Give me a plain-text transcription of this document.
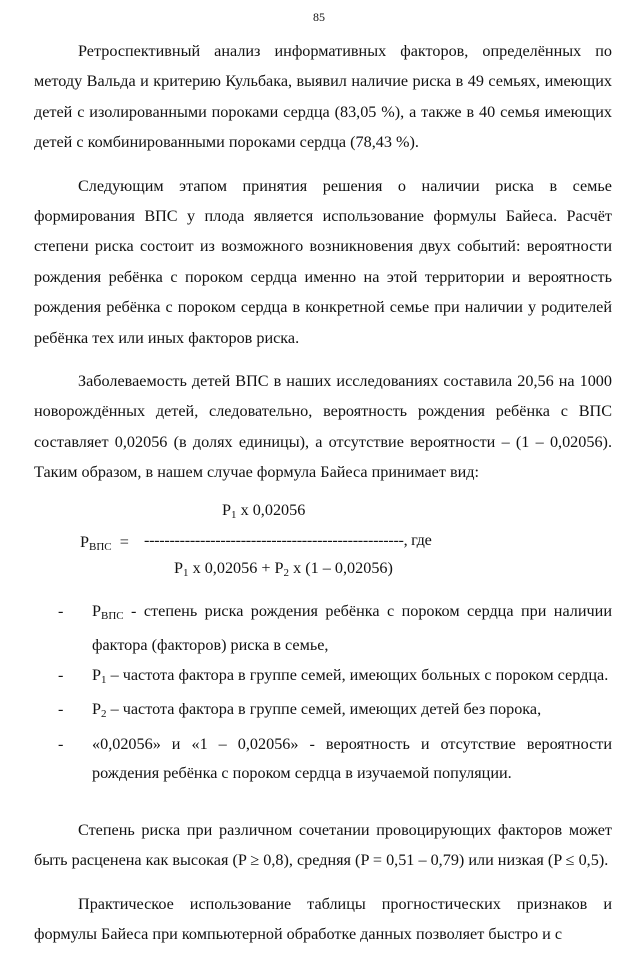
85

Ретроспективный анализ информативных факторов, определённых по методу Вальда и критерию Кульбака, выявил наличие риска в 49 семьях, имеющих детей с изолированными пороками сердца (83,05 %), а также в 40 семья имеющих детей с комбинированными пороками сердца (78,43 %).

Следующим этапом принятия решения о наличии риска в семье формирования ВПС у плода является использование формулы Байеса. Расчёт степени риска состоит из возможного возникновения двух событий: вероятности рождения ребёнка с пороком сердца именно на этой территории и вероятность рождения ребёнка с пороком сердца в конкретной семье при наличии у родителей ребёнка тех или иных факторов риска.

Заболеваемость детей ВПС в наших исследованиях составила 20,56 на 1000 новорождённых детей, следовательно, вероятность рождения ребёнка с ВПС составляет 0,02056 (в долях единицы), а отсутствие вероятности – (1 – 0,02056). Таким образом, в нашем случае формула Байеса принимает вид:

$P_{ВПС}$ =
$P_1$ x 0,02056
---------------------------------------------------, где
$P_1$ x $0,02056 + P_2$ x (1 – 0,02056)
- $P_{ВПС}$ - степень риска рождения ребёнка с пороком сердца при наличии фактора (факторов) риска в семье,
- $P_1$ – частота фактора в группе семей, имеющих больных с пороком сердца.
- $P_2$ – частота фактора в группе семей, имеющих детей без порока,
- «0,02056» и «1 – 0,02056» - вероятность и отсутствие вероятности рождения ребёнка с пороком сердца в изучаемой популяции.

Степень риска при различном сочетании провоцирующих факторов может быть расценена как высокая (P ≥ 0,8), средняя (P = 0,51 – 0,79) или низкая (P ≤ 0,5).

Практическое использование таблицы прогностических признаков и формулы Байеса при компьютерной обработке данных позволяет быстро и с
